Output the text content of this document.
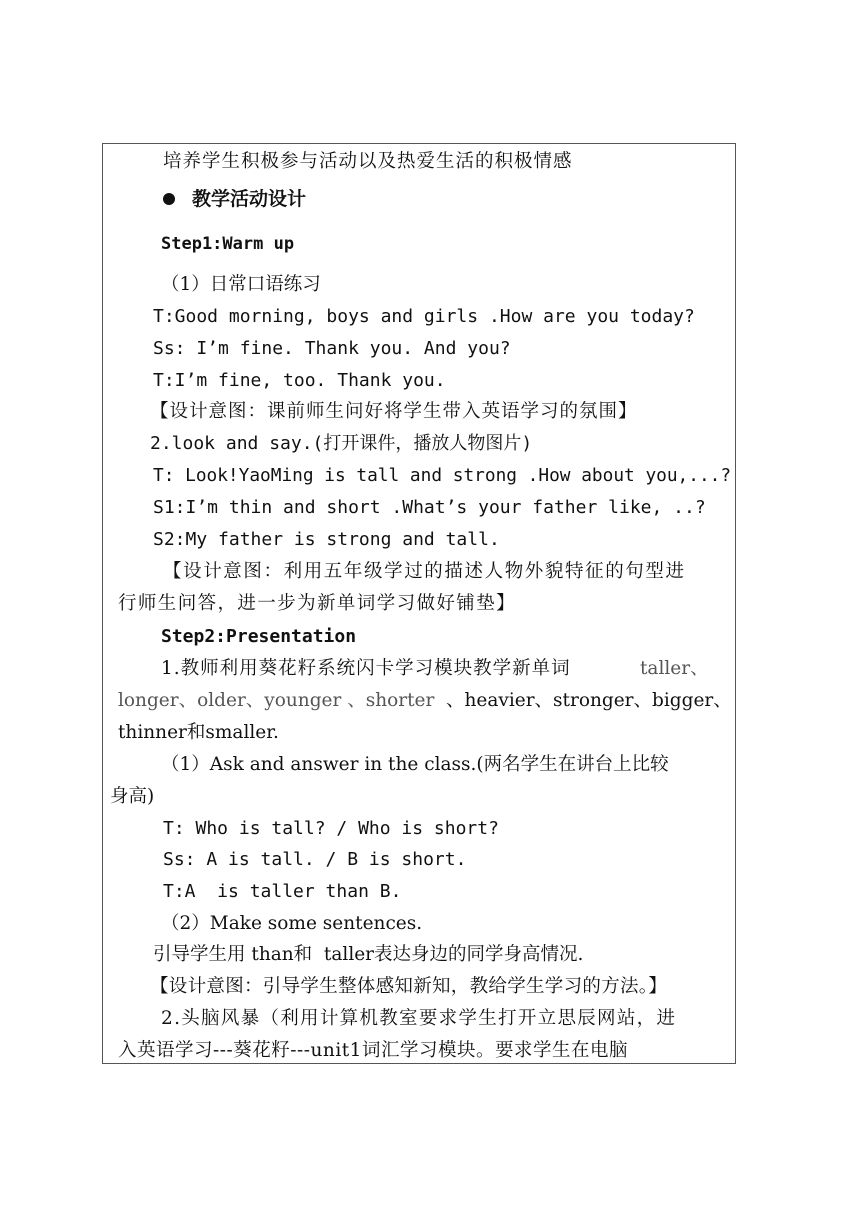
培养学生积极参与活动以及热爱生活的积极情感
教学活动设计
Step1:Warm up
（1）日常口语练习
T:Good morning, boys and girls .How are you today?
Ss: I’m fine. Thank you. And you?
T:I’m fine, too. Thank you.
【设计意图：课前师生问好将学生带入英语学习的氛围】
2.look and say.(打开课件，播放人物图片)
T: Look!YaoMing is tall and strong .How about you,...?
S1:I’m thin and short .What’s your father like, ..?
S2:My father is strong and tall.
【设计意图：利用五年级学过的描述人物外貌特征的句型进
行师生问答，进一步为新单词学习做好铺垫】
Step2:Presentation
1.教师利用葵花籽系统闪卡学习模块教学新单词	taller、
longer、older、younger 、shorter 、heavier、stronger、bigger、
thinner和smaller.
（1）Ask and answer in the class.(两名学生在讲台上比较
身高)
T: Who is tall? / Who is short?
Ss: A is tall. / B is short.
T:A  is taller than B.
（2）Make some sentences.
引导学生用 than和  taller表达身边的同学身高情况.
【设计意图：引导学生整体感知新知，教给学生学习的方法。】
2.头脑风暴（利用计算机教室要求学生打开立思辰网站，进
入英语学习---葵花籽---unit1词汇学习模块。要求学生在电脑
